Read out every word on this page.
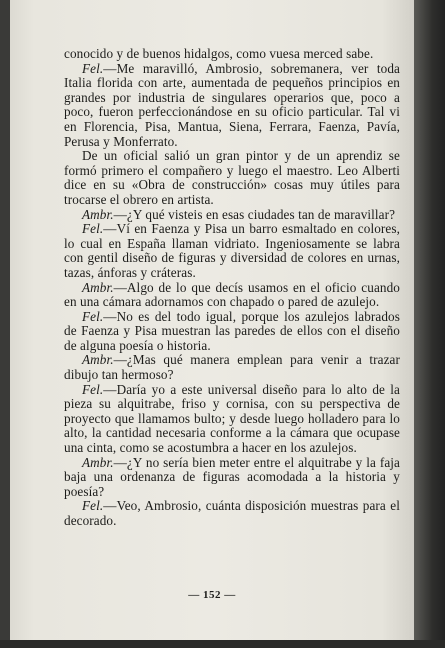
conocido y de buenos hidalgos, como vuesa merced sabe.

Fel.—Me maravilló, Ambrosio, sobremanera, ver toda Italia florida con arte, aumentada de pequeños principios en grandes por industria de singulares operarios que, poco a poco, fueron perfeccionándose en su oficio particular. Tal vi en Florencia, Pisa, Mantua, Siena, Ferrara, Faenza, Pavía, Perusa y Monferrato.

De un oficial salió un gran pintor y de un aprendiz se formó primero el compañero y luego el maestro. Leo Alberti dice en su «Obra de construcción» cosas muy útiles para trocarse el obrero en artista.

Ambr.—¿Y qué visteis en esas ciudades tan de maravillar?

Fel.—Ví en Faenza y Pisa un barro esmaltado en colores, lo cual en España llaman vidriato. Ingeniosamente se labra con gentil diseño de figuras y diversidad de colores en urnas, tazas, ánforas y cráteras.

Ambr.—Algo de lo que decís usamos en el oficio cuando en una cámara adornamos con chapado o pared de azulejo.

Fel.—No es del todo igual, porque los azulejos labrados de Faenza y Pisa muestran las paredes de ellos con el diseño de alguna poesía o historia.

Ambr.—¿Mas qué manera emplean para venir a trazar dibujo tan hermoso?

Fel.—Daría yo a este universal diseño para lo alto de la pieza su alquitrabe, friso y cornisa, con su perspectiva de proyecto que llamamos bulto; y desde luego holladero para lo alto, la cantidad necesaria conforme a la cámara que ocupase una cinta, como se acostumbra a hacer en los azulejos.

Ambr.—¿Y no sería bien meter entre el alquitrabe y la faja baja una ordenanza de figuras acomodada a la historia y poesía?

Fel.—Veo, Ambrosio, cuánta disposición muestras para el decorado.

— 152 —
